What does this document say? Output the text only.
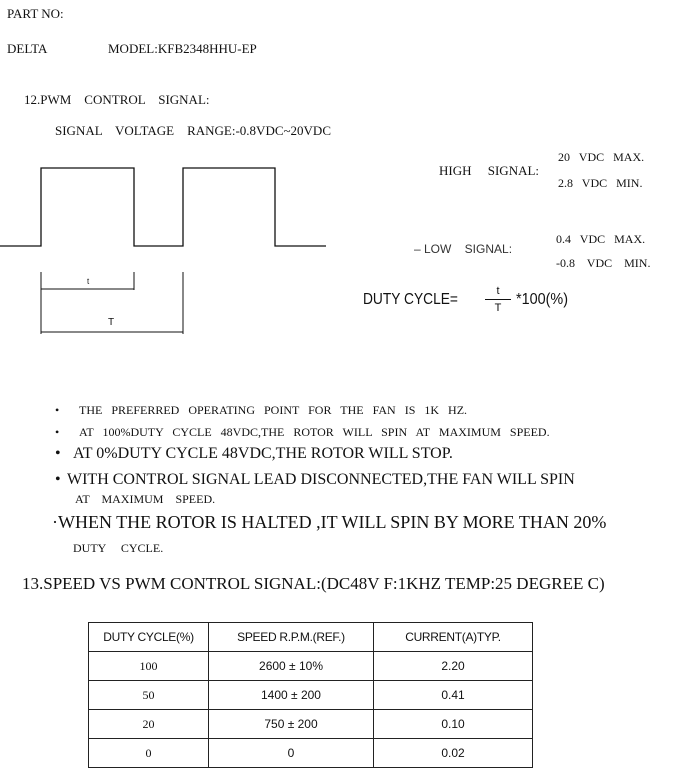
PART NO:
DELTA	MODEL:KFB2348HHU-EP
12.PWM    CONTROL    SIGNAL:
SIGNAL    VOLTAGE    RANGE:-0.8VDC~20VDC
t
T
HIGH     SIGNAL:
20   VDC   MAX.
2.8   VDC   MIN.
– LOW    SIGNAL:
0.4   VDC   MAX.
-0.8    VDC    MIN.
DUTY CYCLE=	t
T *100(%)
• THE   PREFERRED   OPERATING   POINT   FOR   THE   FAN   IS   1K   HZ.
• AT   100%DUTY   CYCLE   48VDC,THE   ROTOR   WILL   SPIN   AT   MAXIMUM   SPEED.
• AT 0%DUTY CYCLE 48VDC,THE ROTOR WILL STOP.
• WITH CONTROL SIGNAL LEAD DISCONNECTED,THE FAN WILL SPIN
AT    MAXIMUM    SPEED.
·WHEN THE ROTOR IS HALTED ,IT WILL SPIN BY MORE THAN 20%
DUTY     CYCLE.
13.SPEED VS PWM CONTROL SIGNAL:(DC48V F:1KHZ TEMP:25 DEGREE C)
DUTY CYCLE(%)	SPEED R.P.M.(REF.)	CURRENT(A)TYP.
100	2600 ± 10%	2.20
50	1400 ± 200	0.41
20	750 ± 200	0.10
0	0	0.02
